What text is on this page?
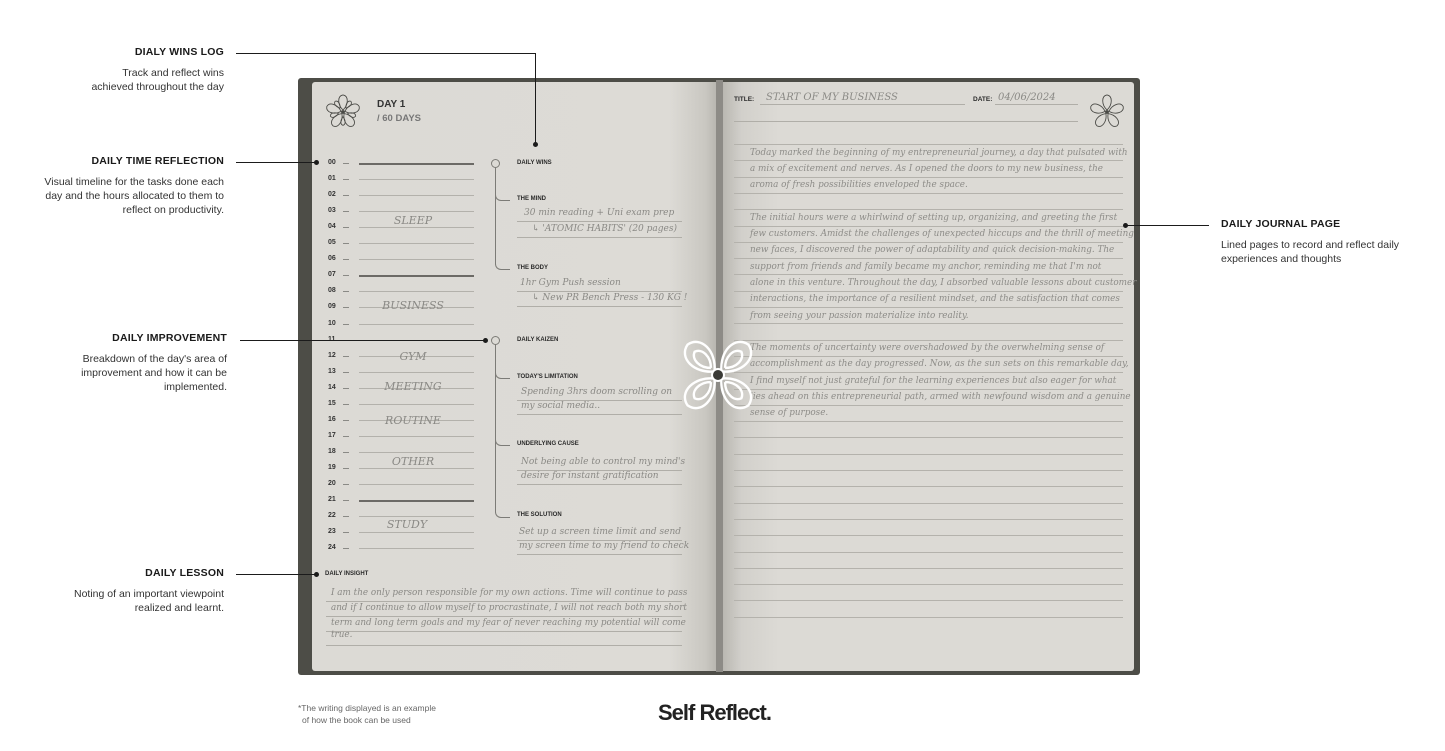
DIALY WINS LOG
Track and reflect wins achieved throughout the day
DAILY TIME REFLECTION
Visual timeline for the tasks done each day and the hours allocated to them to reflect on productivity.
DAILY IMPROVEMENT
Breakdown of the day's area of improvement and how it can be implemented.
DAILY LESSON
Noting of an important viewpoint realized and learnt.
DAILY JOURNAL PAGE
Lined pages to record and reflect daily experiences and thoughts
DAY 1
/ 60 DAYS
00
01
02
03
04
05
06
07
08
09
10
12
13
14
15
16
17
18
19
20
21
22
23
24
SLEEP
BUSINESS
GYM
MEETING
ROUTINE
OTHER
STUDY
DAILY WINS
THE MIND
30 min reading + Uni exam prep
↳ 'ATOMIC HABITS' (20 pages)
THE BODY
1hr Gym Push session
↳ New PR Bench Press - 130 KG !
DAILY KAIZEN
TODAY'S LIMITATION
Spending 3hrs doom scrolling on
my social media..
UNDERLYING CAUSE
Not being able to control my mind's
desire for instant gratification
THE SOLUTION
Set up a screen time limit and send
my screen time to my friend to check
DAILY INSIGHT
I am the only person responsible for my own actions. Time will continue to pass
and if I continue to allow myself to procrastinate, I will not reach both my short
term and long term goals and my fear of never reaching my potential will come
true.
TITLE: START OF MY BUSINESS	DATE: 04/06/2024
Today marked the beginning of my entrepreneurial journey, a day that pulsated with
a mix of excitement and nerves. As I opened the doors to my new business, the
aroma of fresh possibilities enveloped the space.
The initial hours were a whirlwind of setting up, organizing, and greeting the first
few customers. Amidst the challenges of unexpected hiccups and the thrill of meeting
new faces, I discovered the power of adaptability and quick decision-making. The
support from friends and family became my anchor, reminding me that I'm not
alone in this venture. Throughout the day, I absorbed valuable lessons about customer
interactions, the importance of a resilient mindset, and the satisfaction that comes
from seeing your passion materialize into reality.
The moments of uncertainty were overshadowed by the overwhelming sense of
accomplishment as the day progressed. Now, as the sun sets on this remarkable day,
I find myself not just grateful for the learning experiences but also eager for what
lies ahead on this entrepreneurial path, armed with newfound wisdom and a genuine
sense of purpose.
*The writing displayed is an example
of how the book can be used	Self Reflect.
